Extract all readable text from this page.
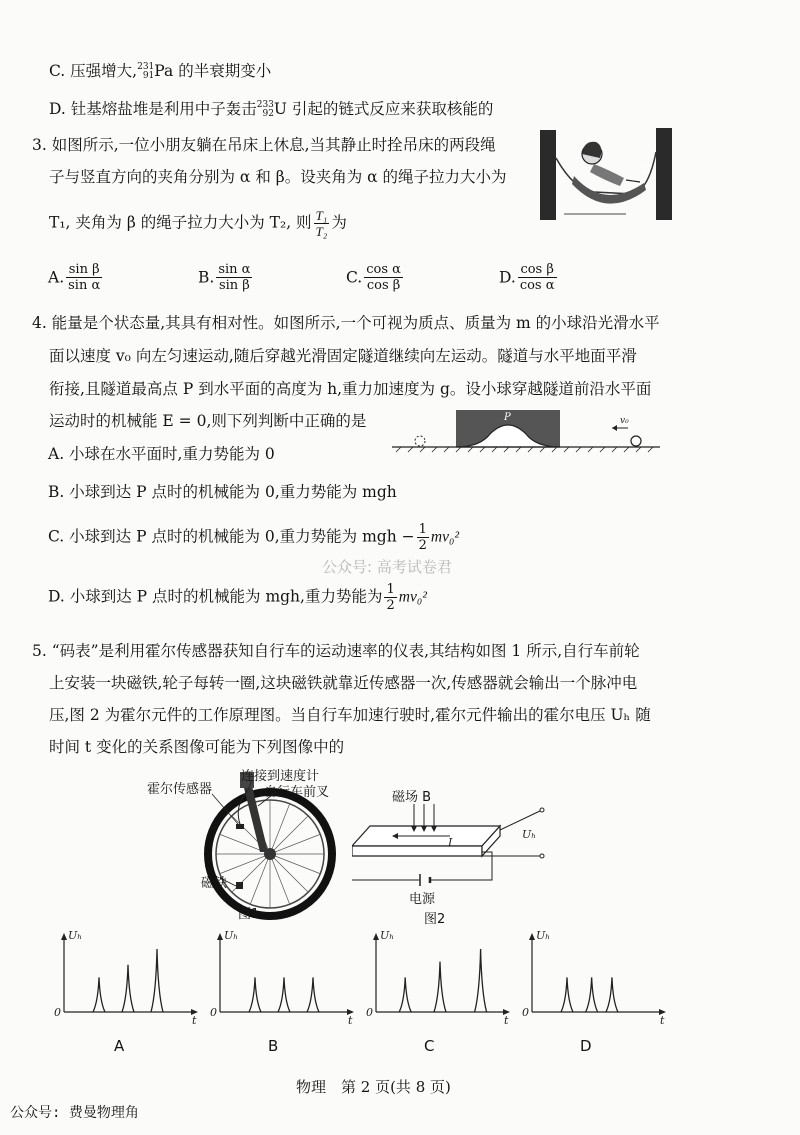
C. 压强增大, 231
91 Pa 的半衰期变小
D. 钍基熔盐堆是利用中子轰击 233
92 U 引起的链式反应来获取核能的
3. 如图所示,一位小朋友躺在吊床上休息,当其静止时拴吊床的两段绳
子与竖直方向的夹角分别为 α 和 β。设夹角为 α 的绳子拉力大小为
T₁, 夹角为 β 的绳子拉力大小为 T₂, 则 $\frac{\text{T₁}}{\text{T₂}}$ 为
A. $\frac{\text{sin β}}{\text{sin α}}$	B. $\frac{\text{sin α}}{\text{sin β}}$	C. $\frac{\text{cos α}}{\text{cos β}}$	D. $\frac{\text{cos β}}{\text{cos α}}$
α
β
4. 能量是个状态量,其具有相对性。如图所示,一个可视为质点、质量为 m 的小球沿光滑水平
面以速度 v₀ 向左匀速运动,随后穿越光滑固定隧道继续向左运动。隧道与水平地面平滑
衔接,且隧道最高点 P 到水平面的高度为 h,重力加速度为 g。设小球穿越隧道前沿水平面
运动时的机械能 E = 0,则下列判断中正确的是
A. 小球在水平面时,重力势能为 0
B. 小球到达 P 点时的机械能为 0,重力势能为 mgh
C. 小球到达 P 点时的机械能为 0,重力势能为 mgh − $\frac{1}{2} mv_0^2$
D. 小球到达 P 点时的机械能为 mgh,重力势能为 $\frac{1}{2} mv_0^2$
P	v₀
公众号: 高考试卷君
5. “码表”是利用霍尔传感器获知自行车的运动速率的仪表,其结构如图 1 所示,自行车前轮
上安装一块磁铁,轮子每转一圈,这块磁铁就靠近传感器一次,传感器就会输出一个脉冲电
压,图 2 为霍尔元件的工作原理图。当自行车加速行驶时,霍尔元件输出的霍尔电压 Uₕ 随
时间 t 变化的关系图像可能为下列图像中的
霍尔传感器
连接到速度计
自行车前叉
磁铁
图1
I
Uₕ
磁场 B
电源
图2
Uₕ
t
0
Uₕ
t
0
Uₕ
t
0
Uₕ
t
0
A	B	C	D
物理　第 2 页(共 8 页)
公众号: 费曼物理角
